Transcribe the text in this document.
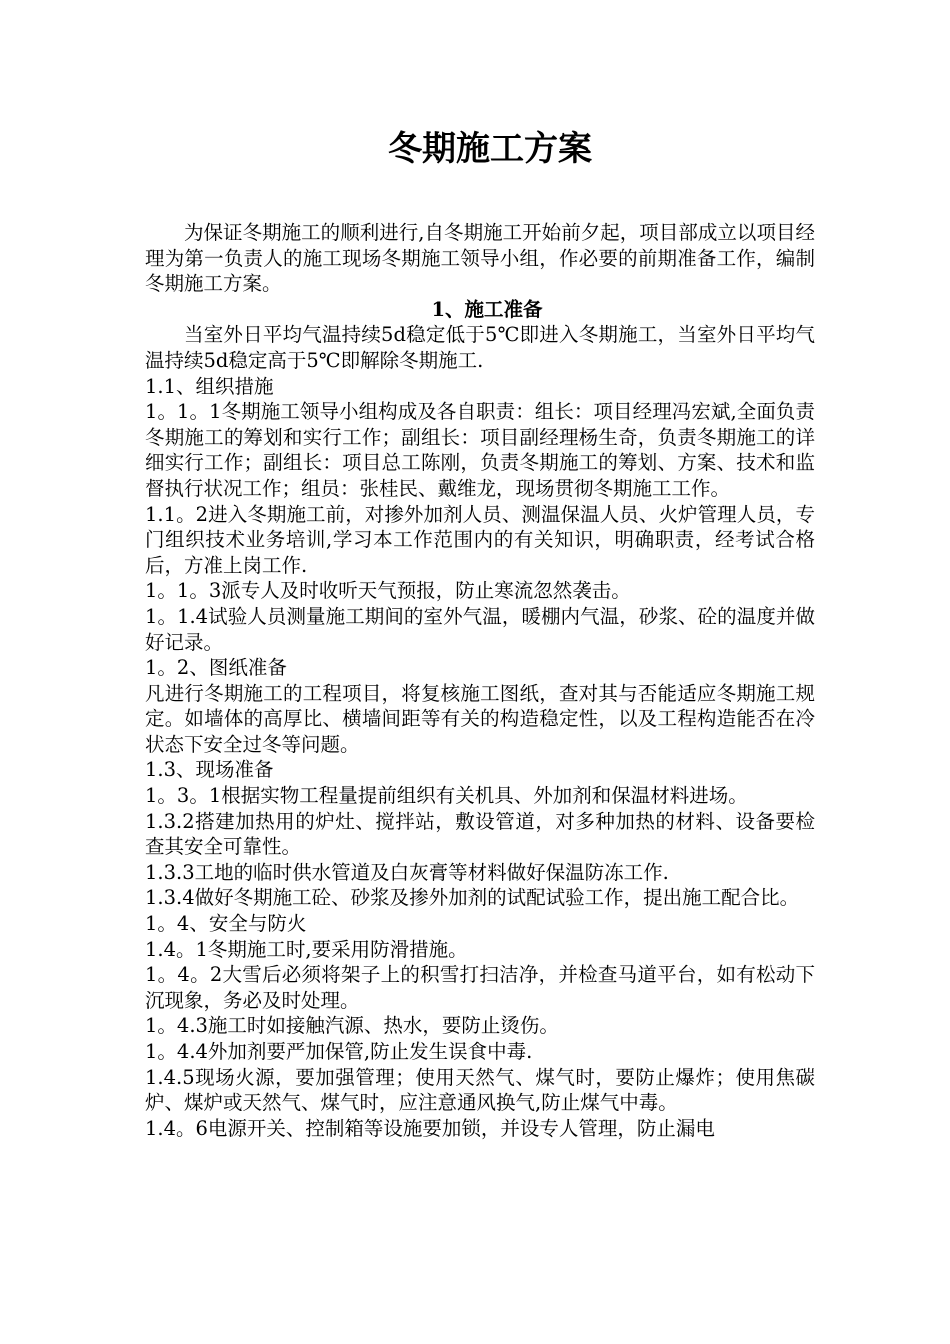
冬期施工方案

为保证冬期施工的顺利进行,自冬期施工开始前夕起，项目部成立以项目经理为第一负责人的施工现场冬期施工领导小组，作必要的前期准备工作，编制冬期施工方案。

1、施工准备

当室外日平均气温持续5d稳定低于5℃即进入冬期施工，当室外日平均气温持续5d稳定高于5℃即解除冬期施工.

1.1、组织措施

1。1。1冬期施工领导小组构成及各自职责：组长：项目经理冯宏斌,全面负责冬期施工的筹划和实行工作；副组长：项目副经理杨生奇，负责冬期施工的详细实行工作；副组长：项目总工陈刚，负责冬期施工的筹划、方案、技术和监督执行状况工作；组员：张桂民、戴维龙，现场贯彻冬期施工工作。

1.1。2进入冬期施工前，对掺外加剂人员、测温保温人员、火炉管理人员，专门组织技术业务培训,学习本工作范围内的有关知识，明确职责，经考试合格后，方准上岗工作.

1。1。3派专人及时收听天气预报，防止寒流忽然袭击。

1。1.4试验人员测量施工期间的室外气温，暖棚内气温，砂浆、砼的温度并做好记录。

1。2、图纸准备

凡进行冬期施工的工程项目，将复核施工图纸，查对其与否能适应冬期施工规定。如墙体的高厚比、横墙间距等有关的构造稳定性，以及工程构造能否在冷状态下安全过冬等问题。

1.3、现场准备

1。3。1根据实物工程量提前组织有关机具、外加剂和保温材料进场。

1.3.2搭建加热用的炉灶、搅拌站，敷设管道，对多种加热的材料、设备要检查其安全可靠性。

1.3.3工地的临时供水管道及白灰膏等材料做好保温防冻工作.

1.3.4做好冬期施工砼、砂浆及掺外加剂的试配试验工作，提出施工配合比。

1。4、安全与防火

1.4。1冬期施工时,要采用防滑措施。

1。4。2大雪后必须将架子上的积雪打扫洁净，并检查马道平台，如有松动下沉现象，务必及时处理。

1。4.3施工时如接触汽源、热水，要防止烫伤。

1。4.4外加剂要严加保管,防止发生误食中毒.

1.4.5现场火源，要加强管理；使用天然气、煤气时，要防止爆炸；使用焦碳炉、煤炉或天然气、煤气时，应注意通风换气,防止煤气中毒。

1.4。6电源开关、控制箱等设施要加锁，并设专人管理，防止漏电
